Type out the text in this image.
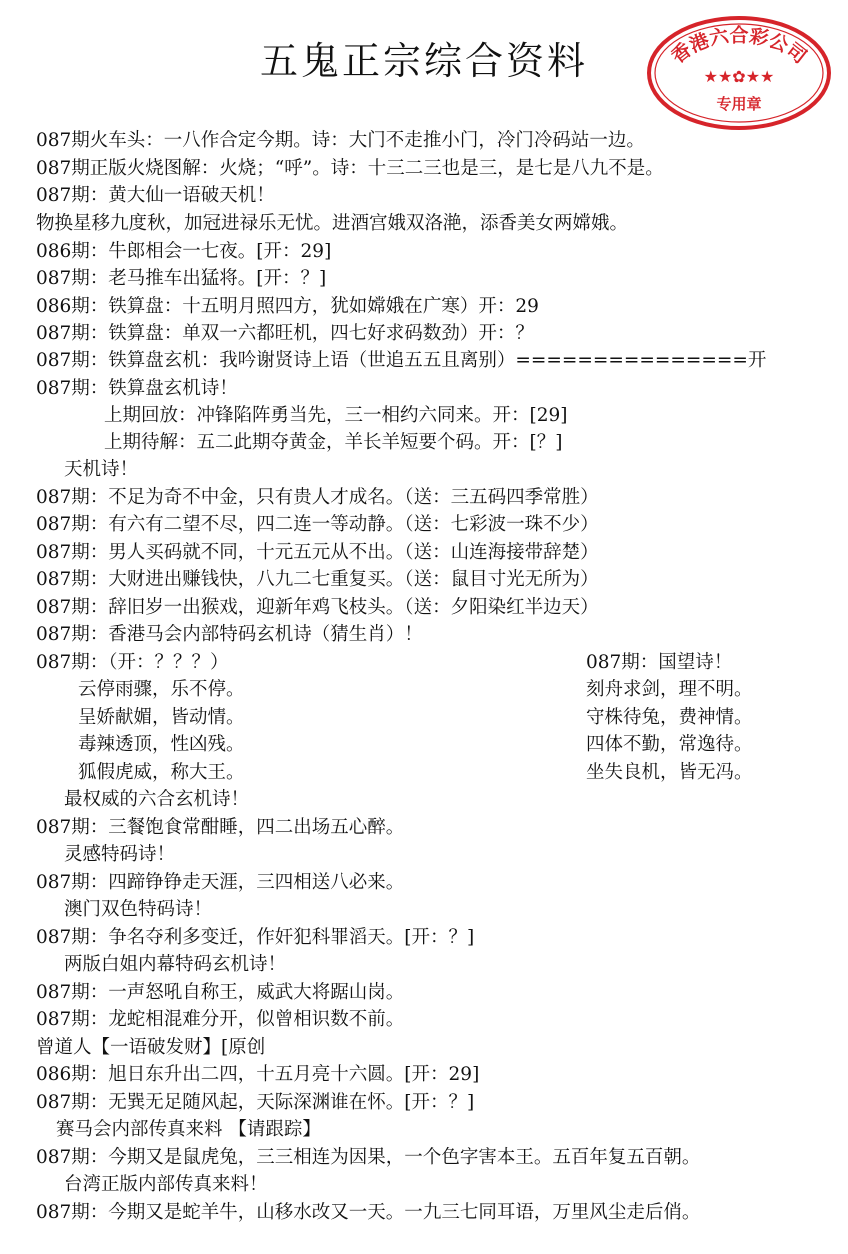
五鬼正宗综合资料	香港六合彩公司
★★✿★★
专用章
087期火车头：一八作合定今期。诗：大门不走推小门，冷门冷码站一边。
087期正版火烧图解：火烧；“呼”。诗：十三二三也是三，是七是八九不是。
087期：黄大仙一语破天机！
物换星移九度秋，加冠进禄乐无忧。进酒宫娥双洛滟，添香美女两嫦娥。
086期：牛郎相会一七夜。[开：29]
087期：老马推车出猛将。[开：？]
086期：铁算盘：十五明月照四方，犹如嫦娥在广寒）开：29
087期：铁算盘：单双一六都旺机，四七好求码数劲）开：？
087期：铁算盘玄机：我吟谢贤诗上语（世追五五且离别）===============开
087期：铁算盘玄机诗！
上期回放：冲锋陷阵勇当先，三一相约六同来。开：[29]
上期待解：五二此期夺黄金，羊长羊短要个码。开：[？]
天机诗！
087期：不足为奇不中金，只有贵人才成名。（送：三五码四季常胜）
087期：有六有二望不尽，四二连一等动静。（送：七彩波一珠不少）
087期：男人买码就不同，十元五元从不出。（送：山连海接带辞楚）
087期：大财进出赚钱快，八九二七重复买。（送：鼠目寸光无所为）
087期：辞旧岁一出猴戏，迎新年鸡飞枝头。（送：夕阳染红半边天）
087期：香港马会内部特码玄机诗（猜生肖）！
087期：（开：？？？）
云停雨骤，乐不停。
呈娇献媚，皆动情。
毒辣透顶，性凶残。
狐假虎威，称大王。
最权威的六合玄机诗！
087期：三餐饱食常酣睡，四二出场五心醉。
灵感特码诗！
087期：四蹄铮铮走天涯，三四相送八必来。
澳门双色特码诗！
087期：争名夺利多变迁，作奸犯科罪滔天。[开：？]
两版白姐内幕特码玄机诗！
087期：一声怒吼自称王，威武大将踞山岗。
087期：龙蛇相混难分开，似曾相识数不前。
曾道人【一语破发财】[原创
086期：旭日东升出二四，十五月亮十六圆。[开：29]
087期：无巽无足随风起，天际深渊谁在怀。[开：？]
赛马会内部传真来料 【请跟踪】
087期：今期又是鼠虎兔，三三相连为因果，一个色字害本王。五百年复五百朝。
台湾正版内部传真来料！
087期：今期又是蛇羊牛，山移水改又一天。一九三七同耳语，万里风尘走后俏。
087期：国望诗！
刻舟求剑，理不明。
守株待兔，费神情。
四体不勤，常逸待。
坐失良机，皆无冯。
